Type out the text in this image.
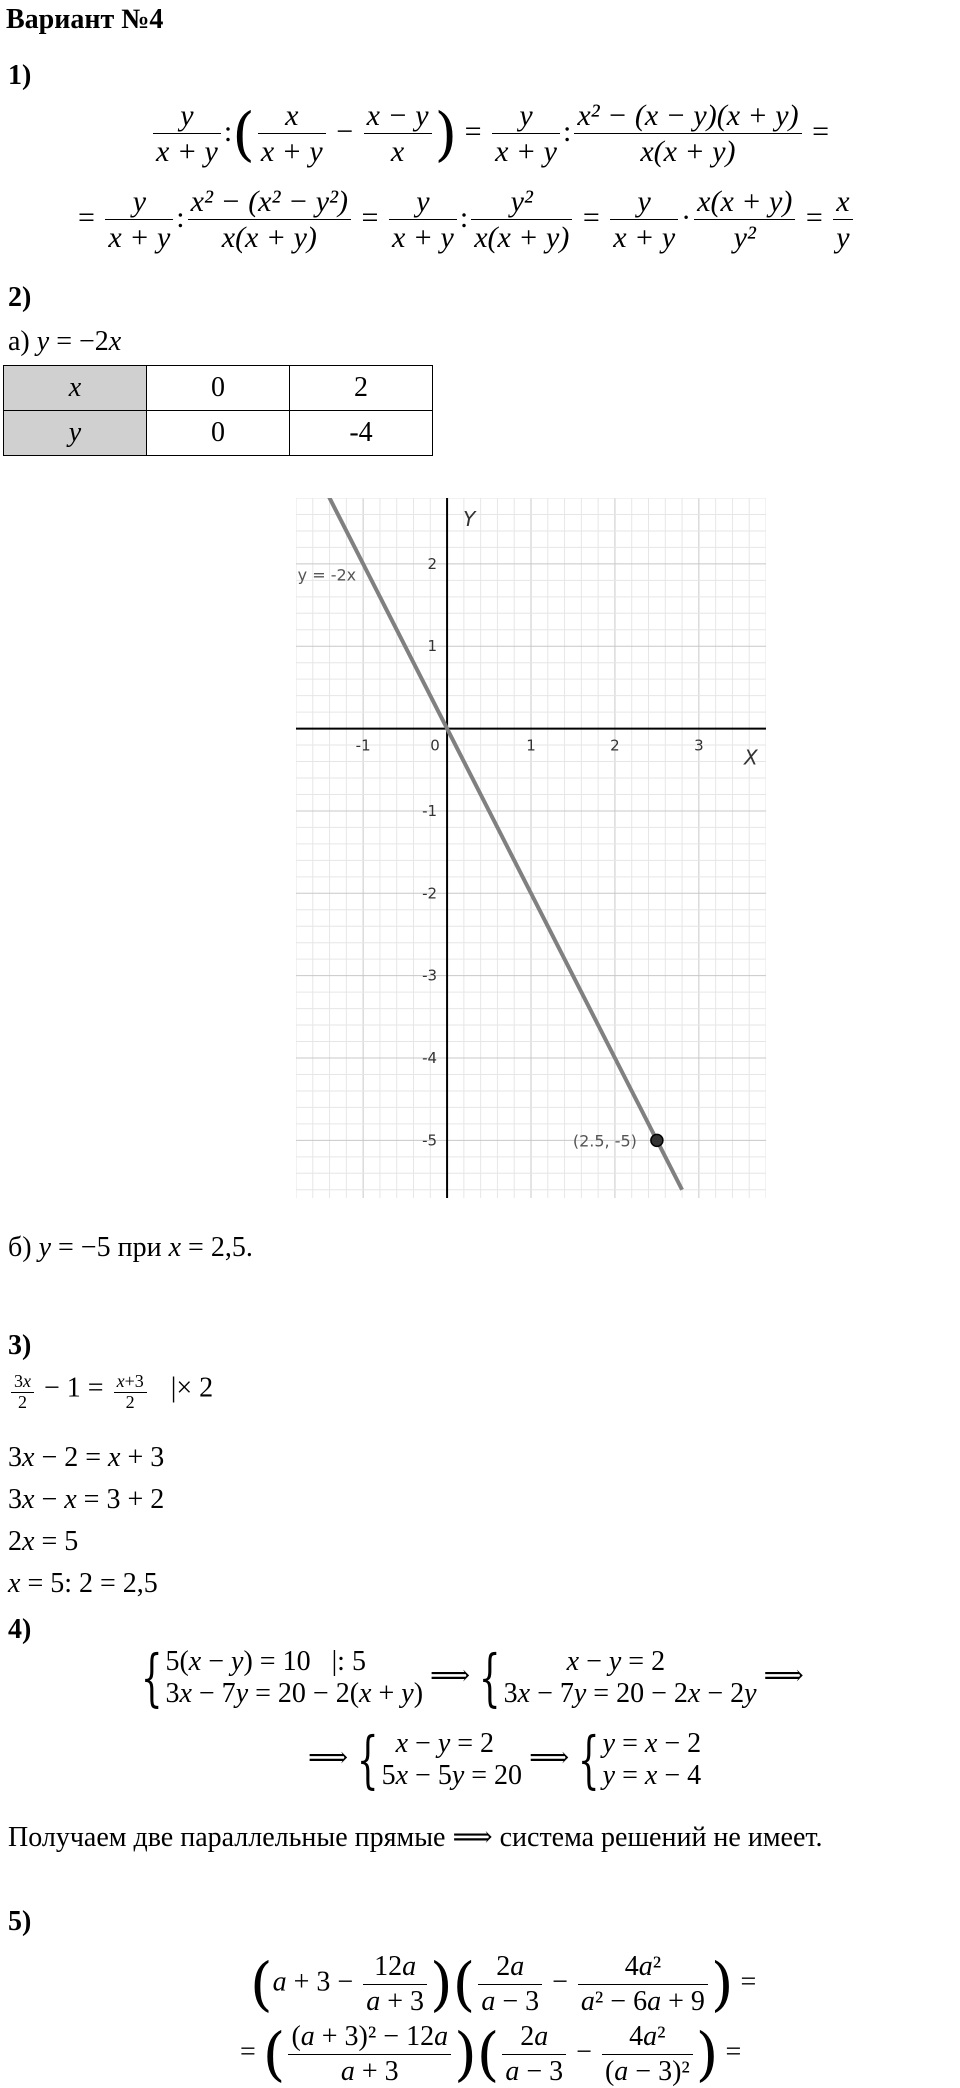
Вариант №4
1)
$\frac{y}{x + y}$ :( $\frac{x}{x + y} - \frac{x - y}{x}$ ) = $\frac{y}{x + y}$ : $\frac{\text{x² − (x − y)(x + y)}}{x(x + y)}$ =
= $\frac{y}{x + y}$ : $\frac{\text{x² − (x² − y²)}}{x(x + y)} = \frac{y}{x + y}$ : $\frac{\text{y²}}{x(x + y)} = \frac{y}{x + y} \cdot \frac{x(x + y)}{\text{y²}} = \frac{x}{y}$
2)
а) y = −2x
x	0	2
y	0	-4
-1	0	1	2	3
2
1
-1
-2
-3
-4
-5
X
Y
y = -2x
(2.5, -5)
б) y = −5 при x = 2,5.
3)
$\frac{3x}{2} - 1 = \frac{x+3}{2}$ |× 2
3x − 2 = x + 3
3x − x = 3 + 2
2x = 5
x = 5: 2 = 2,5
4)
{ 5(x − y) = 10   |: 5
3x − 7y = 20 − 2(x + y) ⟹ { x − y = 2
3x − 7y = 20 − 2x − 2y ⟹
⟹ { x − y = 2
5x − 5y = 20 ⟹ { y = x − 2
y = x − 4
Получаем две параллельные прямые ⟹ система решений не имеет.
5)
($a + 3 - \frac{12a}{a + 3}$ )( $\frac{2a}{a - 3} - \frac{\text{4a²}}{\text{a² − 6a + 9}}$ ) =
= ( $\frac{\text{(a + 3)² − 12a}}{a + 3}$ )( $\frac{2a}{a - 3} - \frac{\text{4a²}}{\text{(a − 3)²}}$ ) =
